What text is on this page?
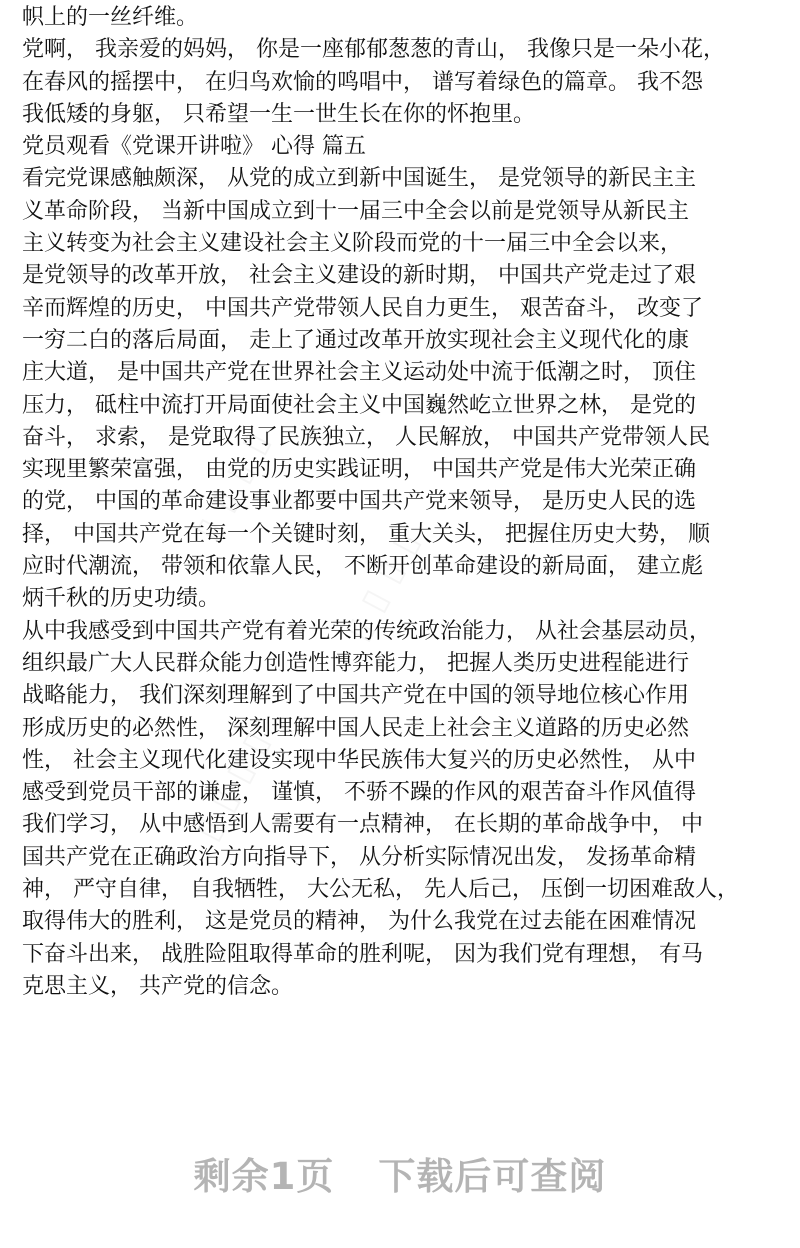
▯▯▯▯
▯▯▯▯
▯▯▯▯
帜上的一丝纤维。
党啊， 我亲爱的妈妈， 你是一座郁郁葱葱的青山， 我像只是一朵小花，
在春风的摇摆中， 在归鸟欢愉的鸣唱中， 谱写着绿色的篇章。 我不怨
我低矮的身躯， 只希望一生一世生长在你的怀抱里。
党员观看《党课开讲啦》 心得 篇五
看完党课感触颇深， 从党的成立到新中国诞生， 是党领导的新民主主
义革命阶段， 当新中国成立到十一届三中全会以前是党领导从新民主
主义转变为社会主义建设社会主义阶段而党的十一届三中全会以来，
是党领导的改革开放， 社会主义建设的新时期， 中国共产党走过了艰
辛而辉煌的历史， 中国共产党带领人民自力更生， 艰苦奋斗， 改变了
一穷二白的落后局面， 走上了通过改革开放实现社会主义现代化的康
庄大道， 是中国共产党在世界社会主义运动处中流于低潮之时， 顶住
压力， 砥柱中流打开局面使社会主义中国巍然屹立世界之林， 是党的
奋斗， 求索， 是党取得了民族独立， 人民解放， 中国共产党带领人民
实现里繁荣富强， 由党的历史实践证明， 中国共产党是伟大光荣正确
的党， 中国的革命建设事业都要中国共产党来领导， 是历史人民的选
择， 中国共产党在每一个关键时刻， 重大关头， 把握住历史大势， 顺
应时代潮流， 带领和依靠人民， 不断开创革命建设的新局面， 建立彪
炳千秋的历史功绩。
从中我感受到中国共产党有着光荣的传统政治能力， 从社会基层动员，
组织最广大人民群众能力创造性博弈能力， 把握人类历史进程能进行
战略能力， 我们深刻理解到了中国共产党在中国的领导地位核心作用
形成历史的必然性， 深刻理解中国人民走上社会主义道路的历史必然
性， 社会主义现代化建设实现中华民族伟大复兴的历史必然性， 从中
感受到党员干部的谦虚， 谨慎， 不骄不躁的作风的艰苦奋斗作风值得
我们学习， 从中感悟到人需要有一点精神， 在长期的革命战争中， 中
国共产党在正确政治方向指导下， 从分析实际情况出发， 发扬革命精
神， 严守自律， 自我牺牲， 大公无私， 先人后己， 压倒一切困难敌人，
取得伟大的胜利， 这是党员的精神， 为什么我党在过去能在困难情况
下奋斗出来， 战胜险阻取得革命的胜利呢， 因为我们党有理想， 有马
克思主义， 共产党的信念。
剩余1页 下载后可查阅
